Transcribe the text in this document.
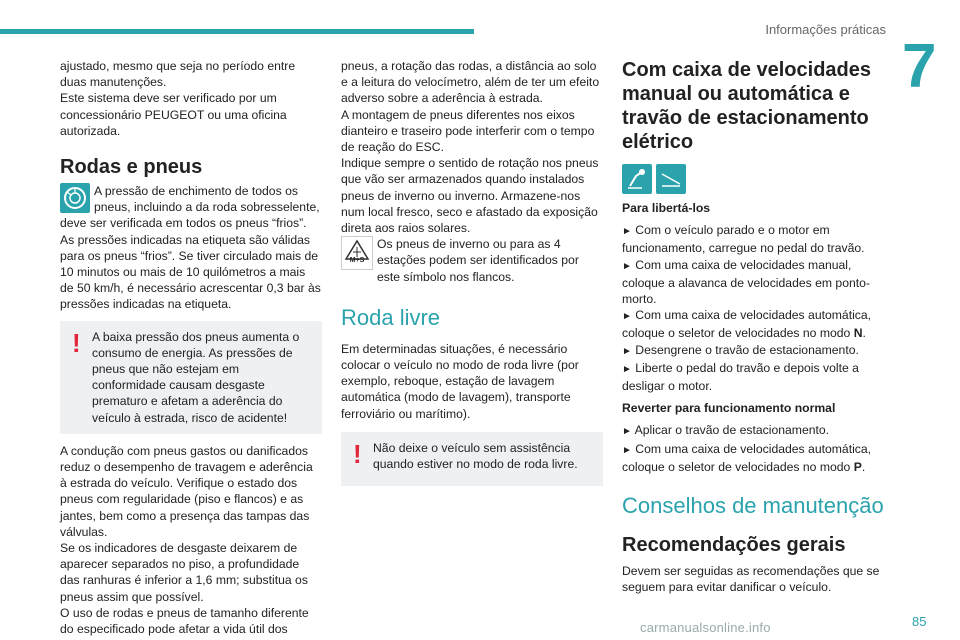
Informações práticas
7

ajustado, mesmo que seja no período entre duas manutenções.

Este sistema deve ser verificado por um concessionário PEUGEOT ou uma oficina autorizada.

Rodas e pneus

A pressão de enchimento de todos os pneus, incluindo a da roda sobresselente, deve ser verificada em todos os pneus “frios”.

As pressões indicadas na etiqueta são válidas para os pneus “frios”. Se tiver circulado mais de 10 minutos ou mais de 10 quilómetros a mais de 50 km/h, é necessário acrescentar 0,3 bar às pressões indicadas na etiqueta.

! A baixa pressão dos pneus aumenta o consumo de energia. As pressões de pneus que não estejam em conformidade causam desgaste prematuro e afetam a aderência do veículo à estrada, risco de acidente!

A condução com pneus gastos ou danificados reduz o desempenho de travagem e aderência à estrada do veículo. Verifique o estado dos pneus com regularidade (piso e flancos) e as jantes, bem como a presença das tampas das válvulas.

Se os indicadores de desgaste deixarem de aparecer separados no piso, a profundidade das ranhuras é inferior a 1,6 mm; substitua os pneus assim que possível.

O uso de rodas e pneus de tamanho diferente do especificado pode afetar a vida útil dos

pneus, a rotação das rodas, a distância ao solo e a leitura do velocímetro, além de ter um efeito adverso sobre a aderência à estrada.

A montagem de pneus diferentes nos eixos dianteiro e traseiro pode interferir com o tempo de reação do ESC.

Indique sempre o sentido de rotação nos pneus que vão ser armazenados quando instalados pneus de inverno ou inverno. Armazene-nos num local fresco, seco e afastado da exposição direta aos raios solares.

M+S
Os pneus de inverno ou para as 4 estações podem ser identificados por este símbolo nos flancos.

Roda livre

Em determinadas situações, é necessário colocar o veículo no modo de roda livre (por exemplo, reboque, estação de lavagem automática (modo de lavagem), transporte ferroviário ou marítimo).

! Não deixe o veículo sem assistência quando estiver no modo de roda livre.
Com caixa de velocidades manual ou automática e travão de estacionamento elétrico

Para libertá-los

► Com o veículo parado e o motor em funcionamento, carregue no pedal do travão.

► Com uma caixa de velocidades manual, coloque a alavanca de velocidades em ponto-morto.

► Com uma caixa de velocidades automática, coloque o seletor de velocidades no modo N.

► Desengrene o travão de estacionamento.

► Liberte o pedal do travão e depois volte a desligar o motor.

Reverter para funcionamento normal

► Aplicar o travão de estacionamento.

► Com uma caixa de velocidades automática, coloque o seletor de velocidades no modo P.

Conselhos de manutenção
Recomendações gerais

Devem ser seguidas as recomendações que se seguem para evitar danificar o veículo.

85
carmanualsonline.info
